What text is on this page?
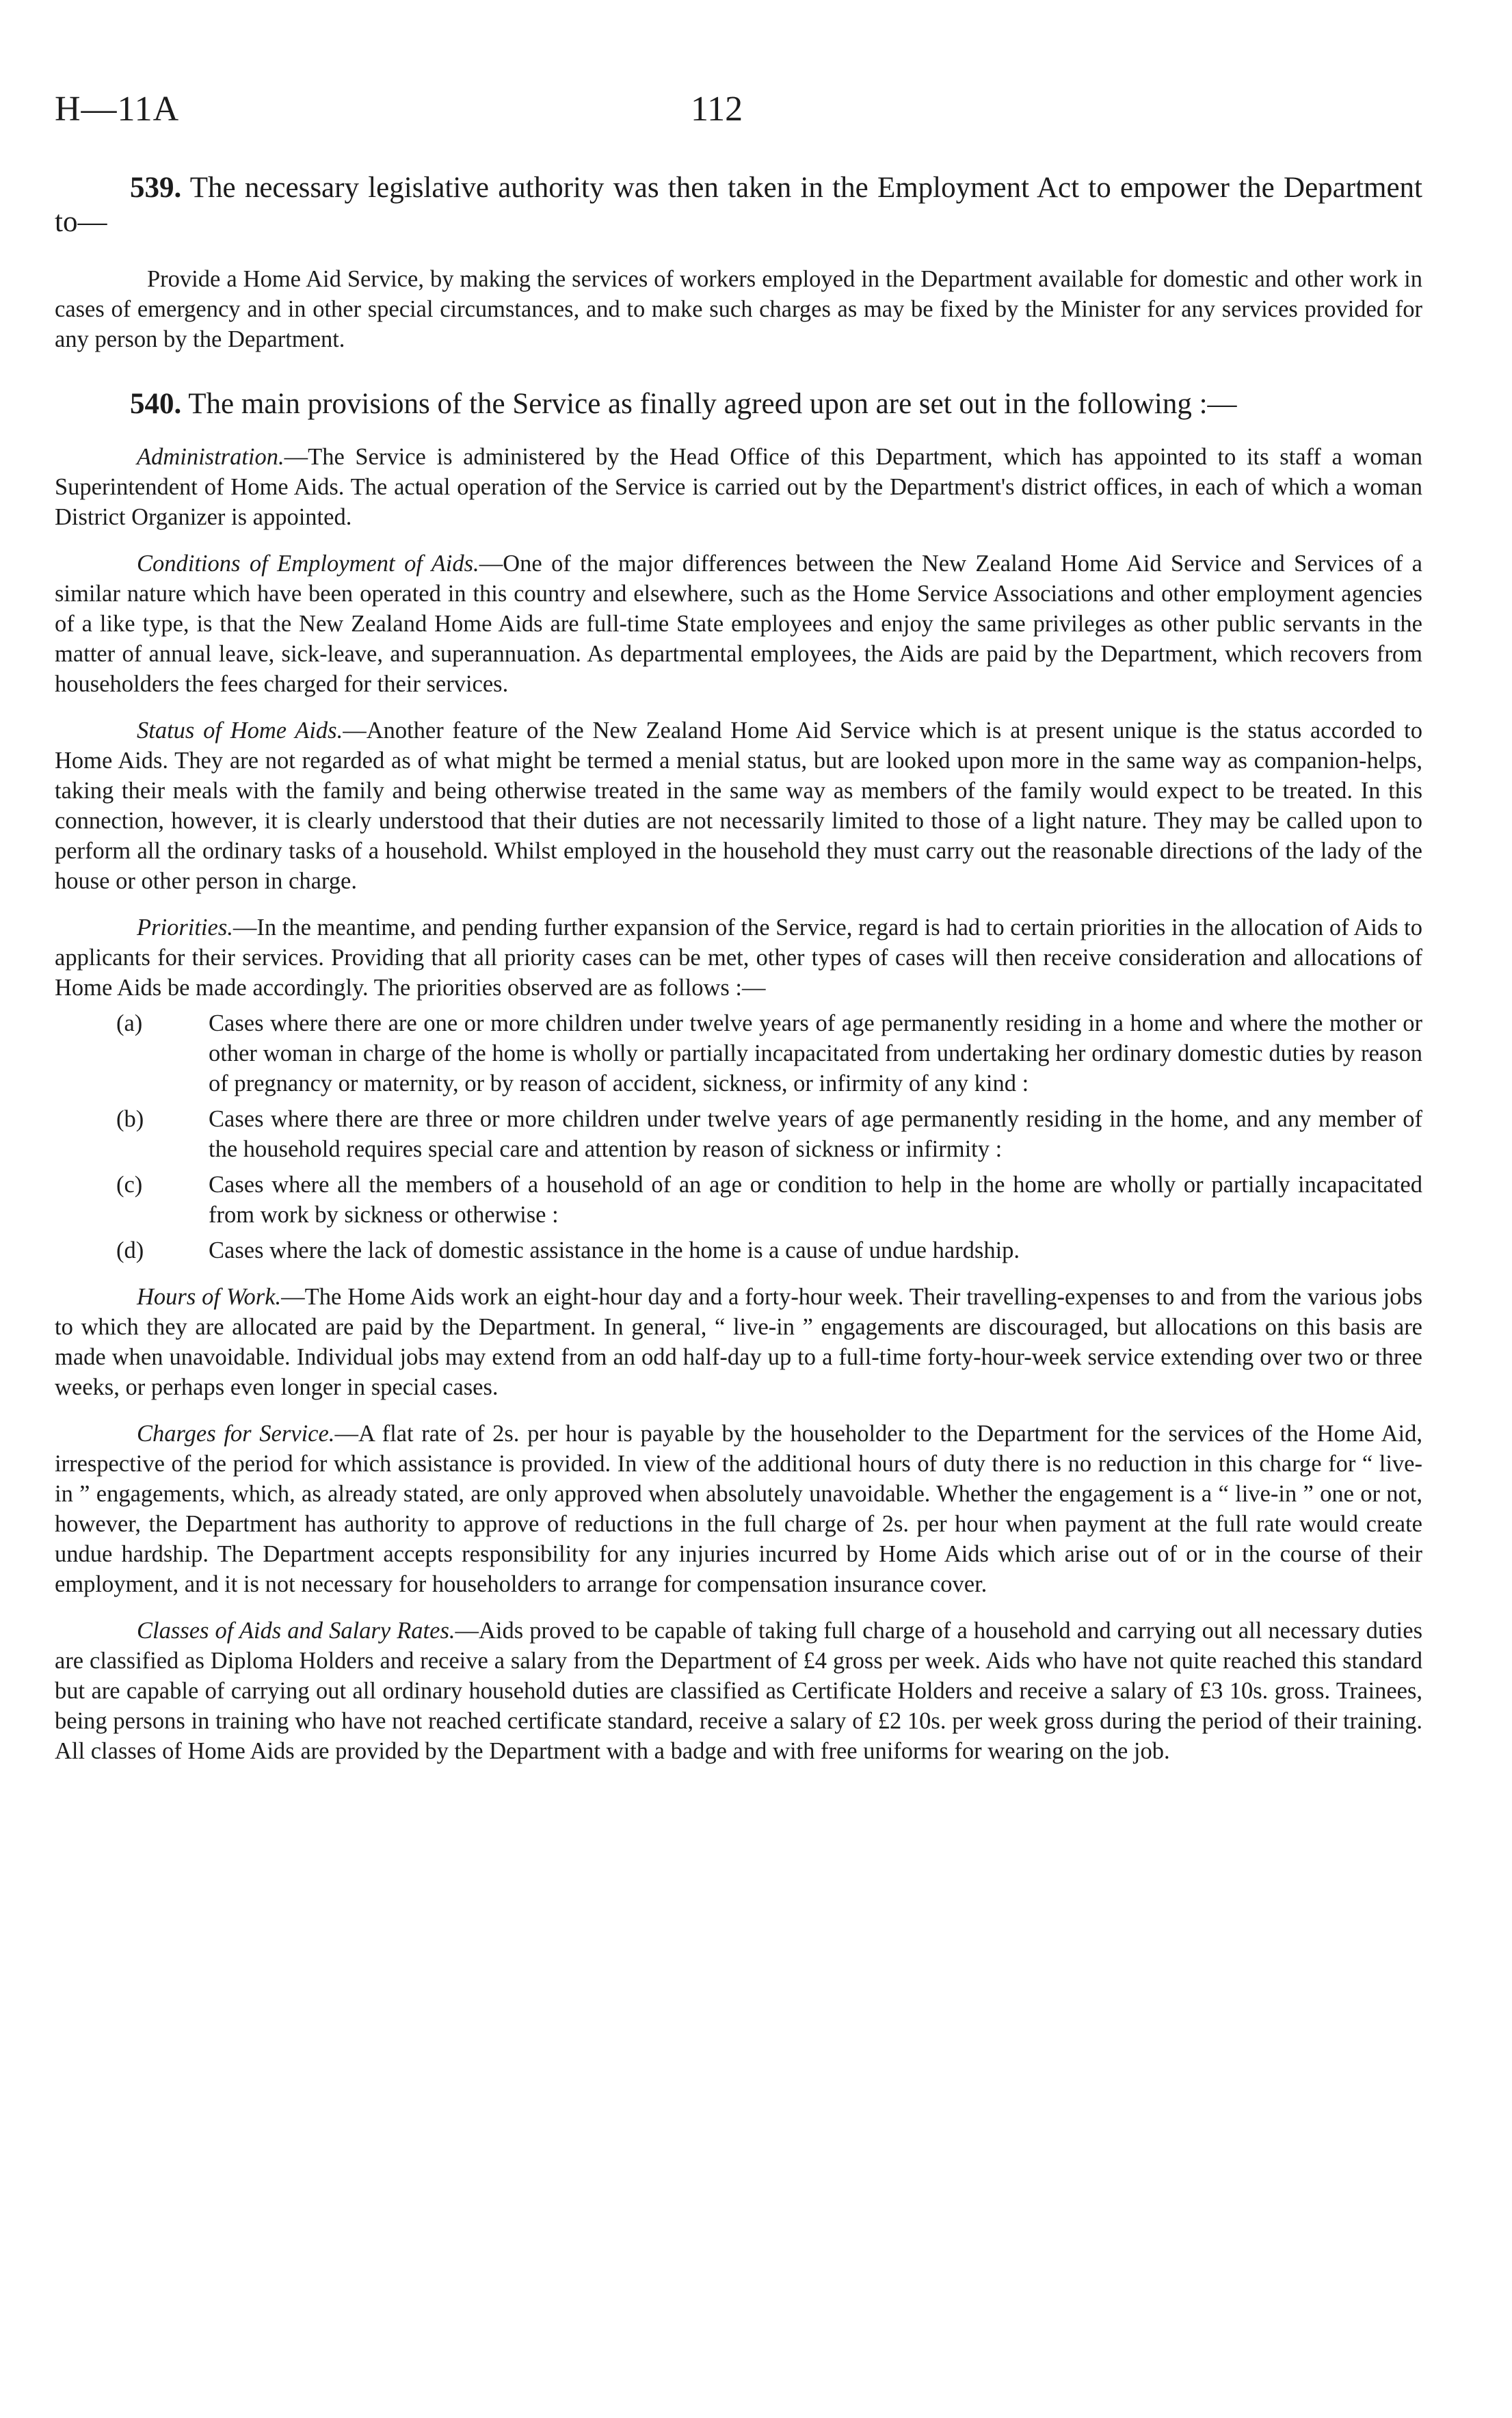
H—11A	112

539. The necessary legislative authority was then taken in the Employment Act to empower the Department to—

Provide a Home Aid Service, by making the services of workers employed in the Department available for domestic and other work in cases of emergency and in other special circumstances, and to make such charges as may be fixed by the Minister for any services provided for any person by the Department.

540. The main provisions of the Service as finally agreed upon are set out in the following :—

Administration.—The Service is administered by the Head Office of this Department, which has appointed to its staff a woman Superintendent of Home Aids. The actual operation of the Service is carried out by the Department's district offices, in each of which a woman District Organizer is appointed.

Conditions of Employment of Aids.—One of the major differences between the New Zealand Home Aid Service and Services of a similar nature which have been operated in this country and elsewhere, such as the Home Service Associations and other employment agencies of a like type, is that the New Zealand Home Aids are full-time State employees and enjoy the same privileges as other public servants in the matter of annual leave, sick-leave, and superannuation. As departmental employees, the Aids are paid by the Department, which recovers from householders the fees charged for their services.

Status of Home Aids.—Another feature of the New Zealand Home Aid Service which is at present unique is the status accorded to Home Aids. They are not regarded as of what might be termed a menial status, but are looked upon more in the same way as companion-helps, taking their meals with the family and being otherwise treated in the same way as members of the family would expect to be treated. In this connection, however, it is clearly understood that their duties are not necessarily limited to those of a light nature. They may be called upon to perform all the ordinary tasks of a household. Whilst employed in the household they must carry out the reasonable directions of the lady of the house or other person in charge.

Priorities.—In the meantime, and pending further expansion of the Service, regard is had to certain priorities in the allocation of Aids to applicants for their services. Providing that all priority cases can be met, other types of cases will then receive consideration and allocations of Home Aids be made accordingly. The priorities observed are as follows :—

(a)	Cases where there are one or more children under twelve years of age permanently residing in a home and where the mother or other woman in charge of the home is wholly or partially incapacitated from undertaking her ordinary domestic duties by reason of pregnancy or maternity, or by reason of accident, sickness, or infirmity of any kind :
(b)	Cases where there are three or more children under twelve years of age permanently residing in the home, and any member of the household requires special care and attention by reason of sickness or infirmity :
(c)	Cases where all the members of a household of an age or condition to help in the home are wholly or partially incapacitated from work by sickness or otherwise :
(d)	Cases where the lack of domestic assistance in the home is a cause of undue hardship.

Hours of Work.—The Home Aids work an eight-hour day and a forty-hour week. Their travelling-expenses to and from the various jobs to which they are allocated are paid by the Department. In general, “ live-in ” engagements are discouraged, but allocations on this basis are made when unavoidable. Individual jobs may extend from an odd half-day up to a full-time forty-hour-week service extending over two or three weeks, or perhaps even longer in special cases.

Charges for Service.—A flat rate of 2s. per hour is payable by the householder to the Department for the services of the Home Aid, irrespective of the period for which assistance is provided. In view of the additional hours of duty there is no reduction in this charge for “ live-in ” engagements, which, as already stated, are only approved when absolutely unavoidable. Whether the engagement is a “ live-in ” one or not, however, the Department has authority to approve of reductions in the full charge of 2s. per hour when payment at the full rate would create undue hardship. The Department accepts responsibility for any injuries incurred by Home Aids which arise out of or in the course of their employment, and it is not necessary for householders to arrange for compensation insurance cover.

Classes of Aids and Salary Rates.—Aids proved to be capable of taking full charge of a household and carrying out all necessary duties are classified as Diploma Holders and receive a salary from the Department of £4 gross per week. Aids who have not quite reached this standard but are capable of carrying out all ordinary household duties are classified as Certificate Holders and receive a salary of £3 10s. gross. Trainees, being persons in training who have not reached certificate standard, receive a salary of £2 10s. per week gross during the period of their training. All classes of Home Aids are provided by the Department with a badge and with free uniforms for wearing on the job.
